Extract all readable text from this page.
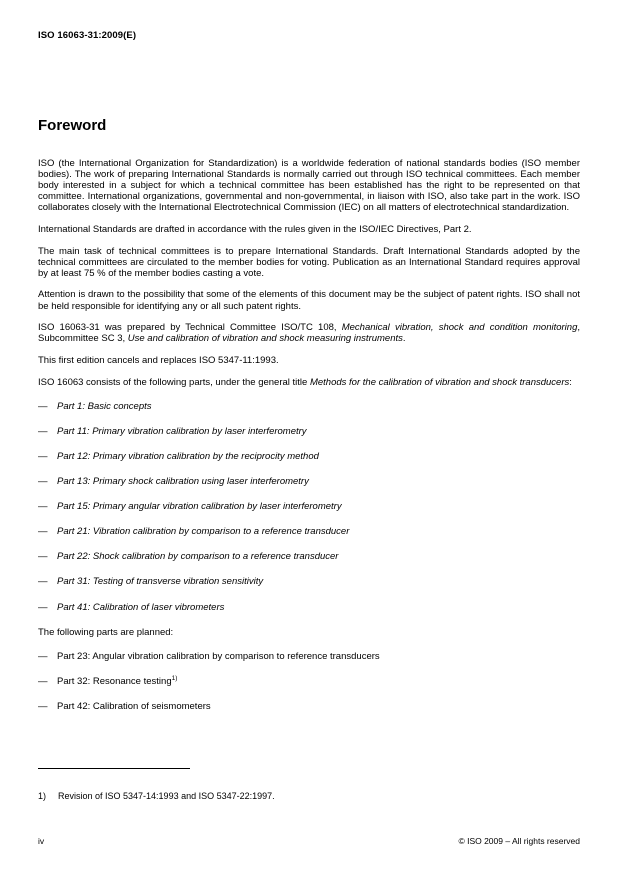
ISO 16063-31:2009(E)
Foreword

ISO (the International Organization for Standardization) is a worldwide federation of national standards bodies (ISO member bodies). The work of preparing International Standards is normally carried out through ISO technical committees. Each member body interested in a subject for which a technical committee has been established has the right to be represented on that committee. International organizations, governmental and non-governmental, in liaison with ISO, also take part in the work. ISO collaborates closely with the International Electrotechnical Commission (IEC) on all matters of electrotechnical standardization.

International Standards are drafted in accordance with the rules given in the ISO/IEC Directives, Part 2.

The main task of technical committees is to prepare International Standards. Draft International Standards adopted by the technical committees are circulated to the member bodies for voting. Publication as an International Standard requires approval by at least 75 % of the member bodies casting a vote.

Attention is drawn to the possibility that some of the elements of this document may be the subject of patent rights. ISO shall not be held responsible for identifying any or all such patent rights.

ISO 16063-31 was prepared by Technical Committee ISO/TC 108, Mechanical vibration, shock and condition monitoring, Subcommittee SC 3, Use and calibration of vibration and shock measuring instruments.

This first edition cancels and replaces ISO 5347-11:1993.

ISO 16063 consists of the following parts, under the general title Methods for the calibration of vibration and shock transducers:

—	Part 1: Basic concepts
—	Part 11: Primary vibration calibration by laser interferometry
—	Part 12: Primary vibration calibration by the reciprocity method
—	Part 13: Primary shock calibration using laser interferometry
—	Part 15: Primary angular vibration calibration by laser interferometry
—	Part 21: Vibration calibration by comparison to a reference transducer
—	Part 22: Shock calibration by comparison to a reference transducer
—	Part 31: Testing of transverse vibration sensitivity
—	Part 41: Calibration of laser vibrometers

The following parts are planned:

—	Part 23: Angular vibration calibration by comparison to reference transducers
—	Part 32: Resonance testing$^{1)}$
—	Part 42: Calibration of seismometers
1) Revision of ISO 5347-14:1993 and ISO 5347-22:1997.
iv	© ISO 2009 – All rights reserved
